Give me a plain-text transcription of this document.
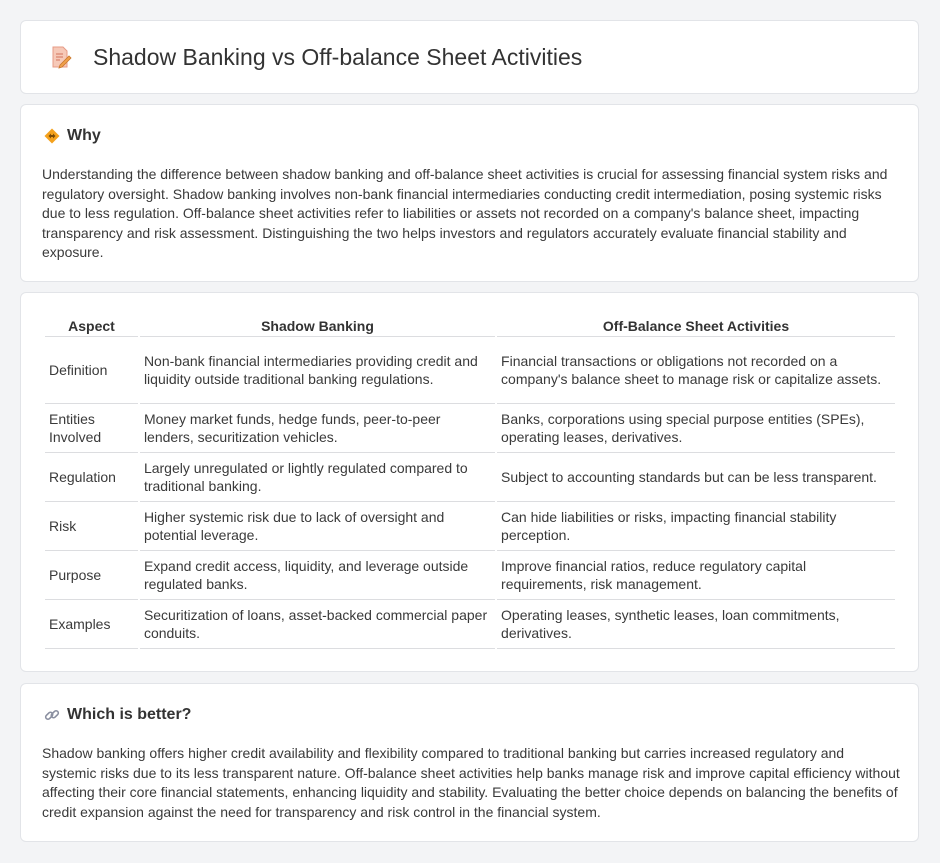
Shadow Banking vs Off-balance Sheet Activities
Why

Understanding the difference between shadow banking and off-balance sheet activities is crucial for assessing financial system risks and regulatory oversight. Shadow banking involves non-bank financial intermediaries conducting credit intermediation, posing systemic risks due to less regulation. Off-balance sheet activities refer to liabilities or assets not recorded on a company's balance sheet, impacting transparency and risk assessment. Distinguishing the two helps investors and regulators accurately evaluate financial stability and exposure.

Aspect	Shadow Banking	Off-Balance Sheet Activities
Definition	Non-bank financial intermediaries providing credit and liquidity outside traditional banking regulations.	Financial transactions or obligations not recorded on a company's balance sheet to manage risk or capitalize assets.
Entities Involved	Money market funds, hedge funds, peer-to-peer lenders, securitization vehicles.	Banks, corporations using special purpose entities (SPEs), operating leases, derivatives.
Regulation	Largely unregulated or lightly regulated compared to traditional banking.	Subject to accounting standards but can be less transparent.
Risk	Higher systemic risk due to lack of oversight and potential leverage.	Can hide liabilities or risks, impacting financial stability perception.
Purpose	Expand credit access, liquidity, and leverage outside regulated banks.	Improve financial ratios, reduce regulatory capital requirements, risk management.
Examples	Securitization of loans, asset-backed commercial paper conduits.	Operating leases, synthetic leases, loan commitments, derivatives.
Which is better?

Shadow banking offers higher credit availability and flexibility compared to traditional banking but carries increased regulatory and systemic risks due to its less transparent nature. Off-balance sheet activities help banks manage risk and improve capital efficiency without affecting their core financial statements, enhancing liquidity and stability. Evaluating the better choice depends on balancing the benefits of credit expansion against the need for transparency and risk control in the financial system.
